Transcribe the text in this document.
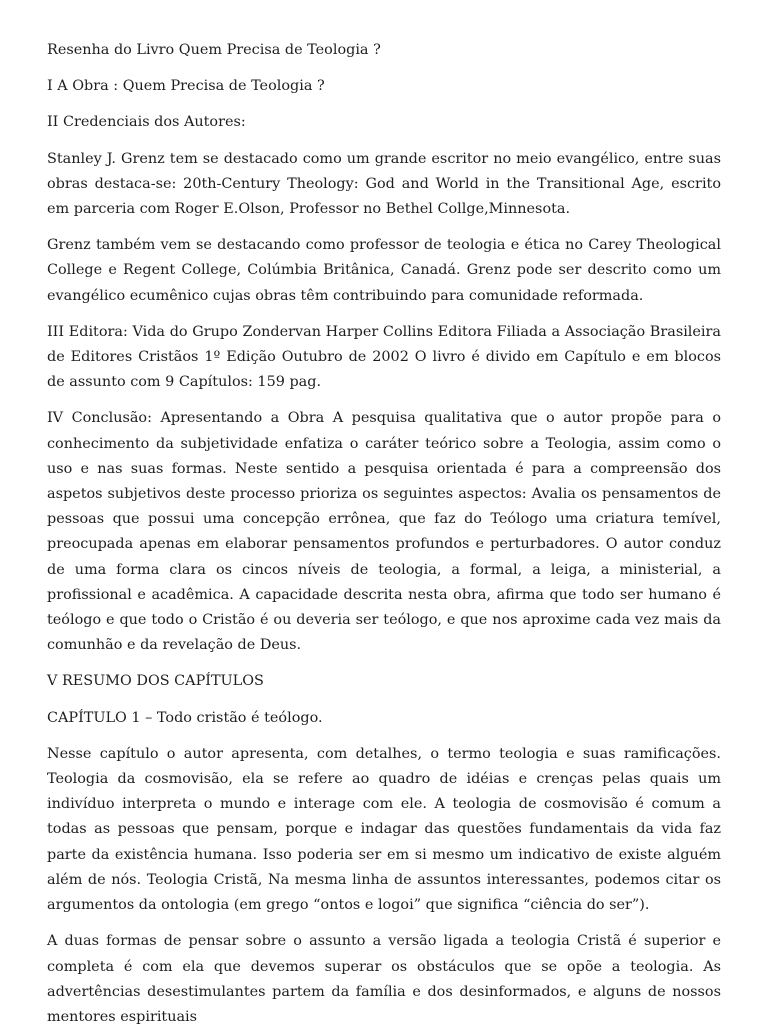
Resenha do Livro Quem Precisa de Teologia ?

I A Obra : Quem Precisa de Teologia ?

II Credenciais dos Autores:

Stanley J. Grenz tem se destacado como um grande escritor no meio evangélico, entre suas obras destaca-se: 20th-Century Theology: God and World in the Transitional Age, escrito em parceria com Roger E.Olson, Professor no Bethel Collge,Minnesota.

Grenz também vem se destacando como professor de teologia e ética no Carey Theological College e Regent College, Colúmbia Britânica, Canadá. Grenz pode ser descrito como um evangélico ecumênico cujas obras têm contribuindo para comunidade reformada.

III Editora: Vida do Grupo Zondervan Harper Collins Editora Filiada a Associação Brasileira de Editores Cristãos 1º Edição Outubro de 2002 O livro é divido em Capítulo e em blocos de assunto com 9 Capítulos: 159 pag.

IV Conclusão: Apresentando a Obra A pesquisa qualitativa que o autor propõe para o conhecimento da subjetividade enfatiza o caráter teórico sobre a Teologia, assim como o uso e nas suas formas. Neste sentido a pesquisa orientada é para a compreensão dos aspetos subjetivos deste processo prioriza os seguintes aspectos: Avalia os pensamentos de pessoas que possui uma concepção errônea, que faz do Teólogo uma criatura temível, preocupada apenas em elaborar pensamentos profundos e perturbadores. O autor conduz de uma forma clara os cincos níveis de teologia, a formal, a leiga, a ministerial, a profissional e acadêmica. A capacidade descrita nesta obra, afirma que todo ser humano é teólogo e que todo o Cristão é ou deveria ser teólogo, e que nos aproxime cada vez mais da comunhão e da revelação de Deus.

V RESUMO DOS CAPÍTULOS

CAPÍTULO 1 – Todo cristão é teólogo.

Nesse capítulo o autor apresenta, com detalhes, o termo teologia e suas ramificações. Teologia da cosmovisão, ela se refere ao quadro de idéias e crenças pelas quais um indivíduo interpreta o mundo e interage com ele. A teologia de cosmovisão é comum a todas as pessoas que pensam, porque e indagar das questões fundamentais da vida faz parte da existência humana. Isso poderia ser em si mesmo um indicativo de existe alguém além de nós. Teologia Cristã, Na mesma linha de assuntos interessantes, podemos citar os argumentos da ontologia (em grego “ontos e logoi” que significa “ciência do ser”).

A duas formas de pensar sobre o assunto a versão ligada a teologia Cristã é superior e completa é com ela que devemos superar os obstáculos que se opõe a teologia. As advertências desestimulantes partem da família e dos desinformados, e alguns de nossos mentores espirituais
